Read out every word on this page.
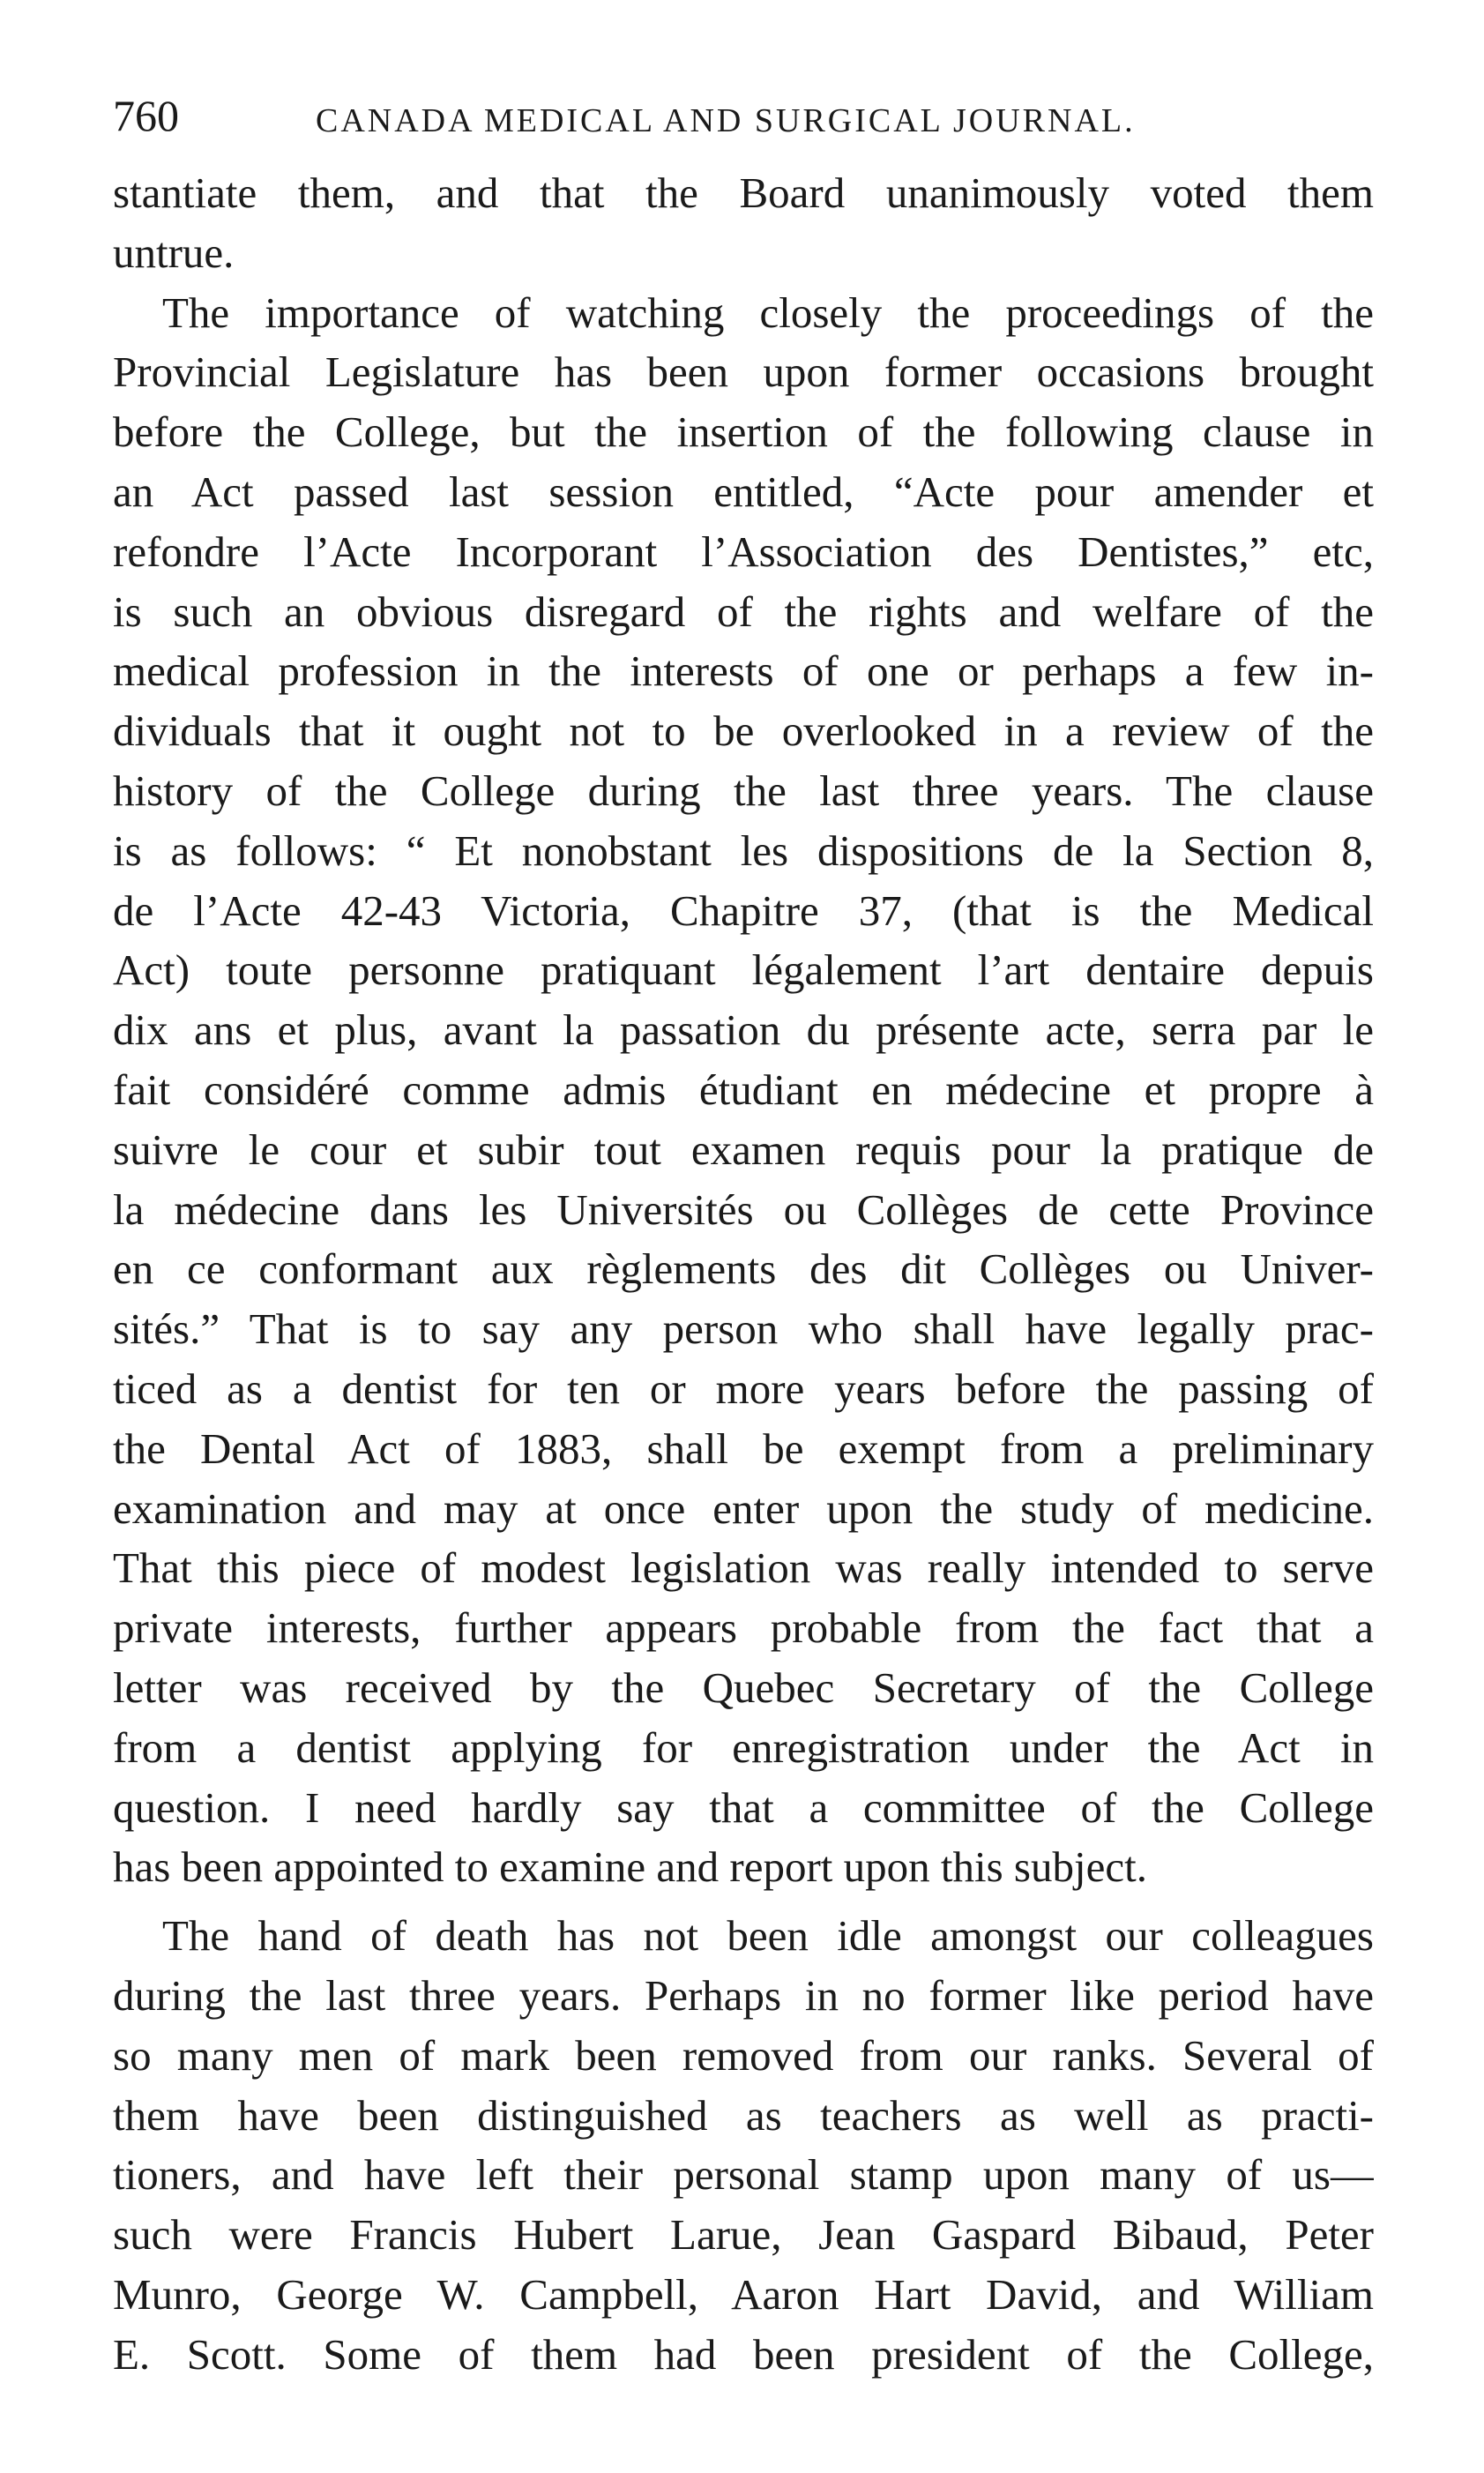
760	CANADA MEDICAL AND SURGICAL JOURNAL.
stantiate them, and that the Board unanimously voted them
untrue.
The importance of watching closely the proceedings of the
Provincial Legislature has been upon former occasions brought
before the College, but the insertion of the following clause in
an Act passed last session entitled, “Acte pour amender et
refondre l’Acte Incorporant l’Association des Dentistes,” etc,
is such an obvious disregard of the rights and welfare of the
medical profession in the interests of one or perhaps a few in-
dividuals that it ought not to be overlooked in a review of the
history of the College during the last three years. The clause
is as follows: “ Et nonobstant les dispositions de la Section 8,
de l’Acte 42-43 Victoria, Chapitre 37, (that is the Medical
Act) toute personne pratiquant légalement l’art dentaire depuis
dix ans et plus, avant la passation du présente acte, serra par le
fait considéré comme admis étudiant en médecine et propre à
suivre le cour et subir tout examen requis pour la pratique de
la médecine dans les Universités ou Collèges de cette Province
en ce conformant aux règlements des dit Collèges ou Univer-
sités.” That is to say any person who shall have legally prac-
ticed as a dentist for ten or more years before the passing of
the Dental Act of 1883, shall be exempt from a preliminary
examination and may at once enter upon the study of medicine.
That this piece of modest legislation was really intended to serve
private interests, further appears probable from the fact that a
letter was received by the Quebec Secretary of the College
from a dentist applying for enregistration under the Act in
question. I need hardly say that a committee of the College
has been appointed to examine and report upon this subject.
The hand of death has not been idle amongst our colleagues
during the last three years. Perhaps in no former like period have
so many men of mark been removed from our ranks. Several of
them have been distinguished as teachers as well as practi-
tioners, and have left their personal stamp upon many of us—
such were Francis Hubert Larue, Jean Gaspard Bibaud, Peter
Munro, George W. Campbell, Aaron Hart David, and William
E. Scott. Some of them had been president of the College,
